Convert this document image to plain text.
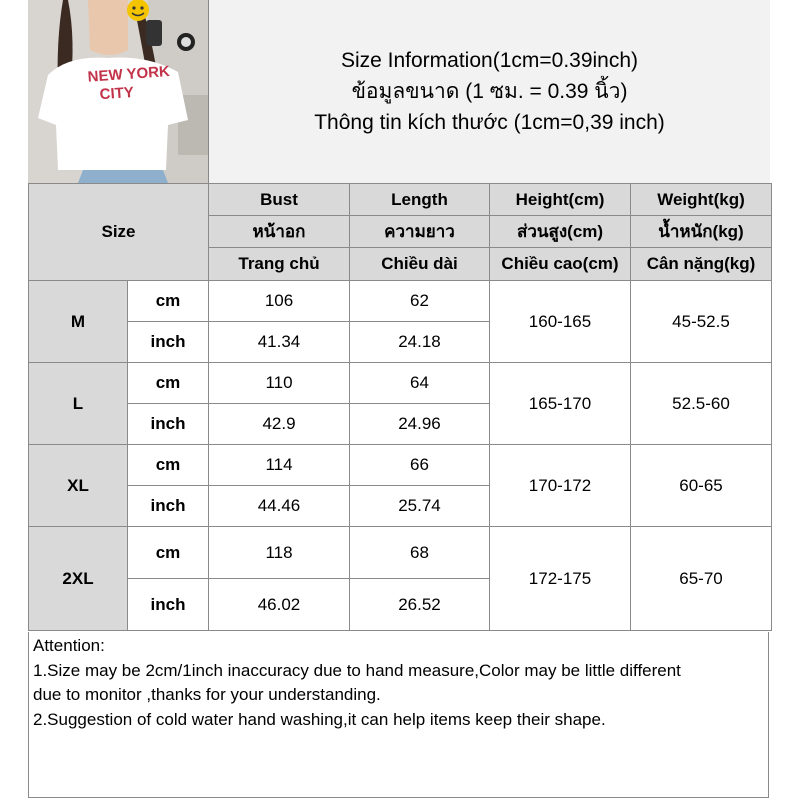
NEW YORK
CITY
Size Information(1cm=0.39inch)
ข้อมูลขนาด (1 ซม. = 0.39 นิ้ว)
Thông tin kích thước (1cm=0,39 inch)
Size		Bust	Length	Height(cm)	Weight(kg)
		หน้าอก	ความยาว	ส่วนสูง(cm)	น้ำหนัก(kg)
		Trang chủ	Chiều dài	Chiều cao(cm)	Cân nặng(kg)
M	cm	106	62	160-165	45-52.5
	inch	41.34	24.18		
L	cm	110	64	165-170	52.5-60
	inch	42.9	24.96		
XL	cm	114	66	170-172	60-65
	inch	44.46	25.74		
2XL	cm	118	68	172-175	65-70
	inch	46.02	26.52		
Attention:
1.Size may be 2cm/1inch inaccuracy due to hand measure,Color may be little different
due to monitor ,thanks for your understanding.
2.Suggestion of cold water hand washing,it can help items keep their shape.
